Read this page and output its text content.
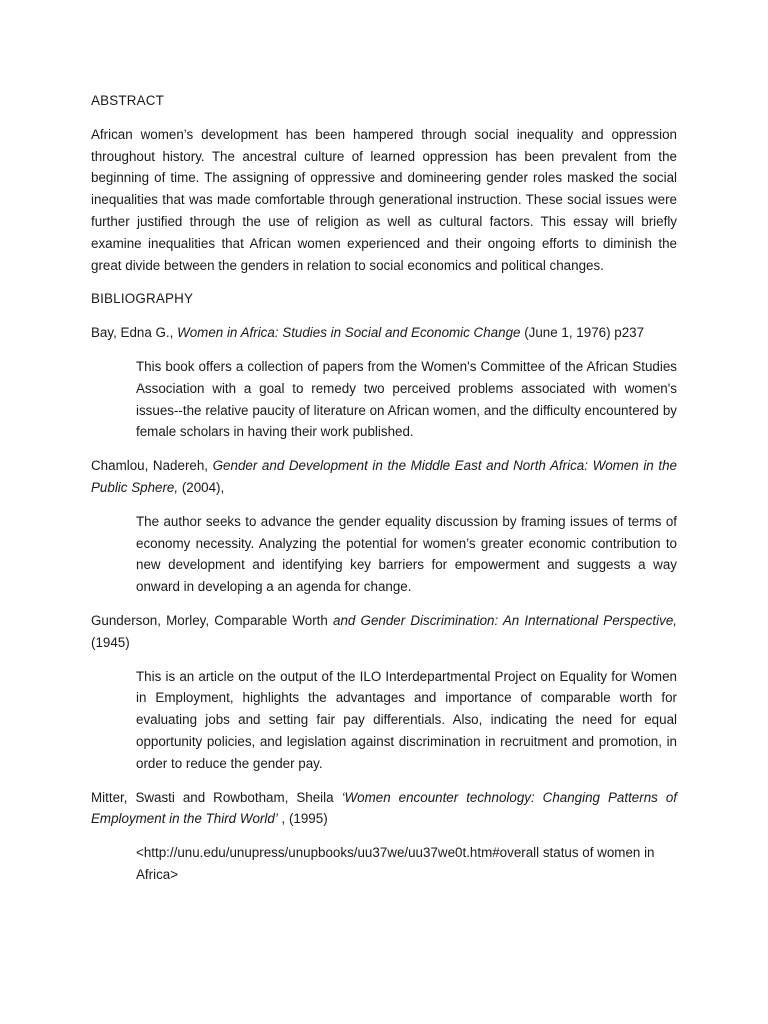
ABSTRACT

African women’s development has been hampered through social inequality and oppression throughout history. The ancestral culture of learned oppression has been prevalent from the beginning of time. The assigning of oppressive and domineering gender roles masked the social inequalities that was made comfortable through generational instruction. These social issues were further justified through the use of religion as well as cultural factors. This essay will briefly examine inequalities that African women experienced and their ongoing efforts to diminish the great divide between the genders in relation to social economics and political changes.

BIBLIOGRAPHY

Bay, Edna G., Women in Africa: Studies in Social and Economic Change (June 1, 1976) p237

This book offers a collection of papers from the Women's Committee of the African Studies Association with a goal to remedy two perceived problems associated with women's issues--the relative paucity of literature on African women, and the difficulty encountered by female scholars in having their work published.

Chamlou, Nadereh, Gender and Development in the Middle East and North Africa: Women in the Public Sphere, (2004),

The author seeks to advance the gender equality discussion by framing issues of terms of economy necessity. Analyzing the potential for women’s greater economic contribution to new development and identifying key barriers for empowerment and suggests a way onward in developing a an agenda for change.

Gunderson, Morley, Comparable Worth and Gender Discrimination: An International Perspective, (1945)

This is an article on the output of the ILO Interdepartmental Project on Equality for Women in Employment, highlights the advantages and importance of comparable worth for evaluating jobs and setting fair pay differentials. Also, indicating the need for equal opportunity policies, and legislation against discrimination in recruitment and promotion, in order to reduce the gender pay.

Mitter, Swasti and Rowbotham, Sheila ‘Women encounter technology: Changing Patterns of Employment in the Third World’ , (1995)

<http://unu.edu/unupress/unupbooks/uu37we/uu37we0t.htm#overall status of women in Africa>
